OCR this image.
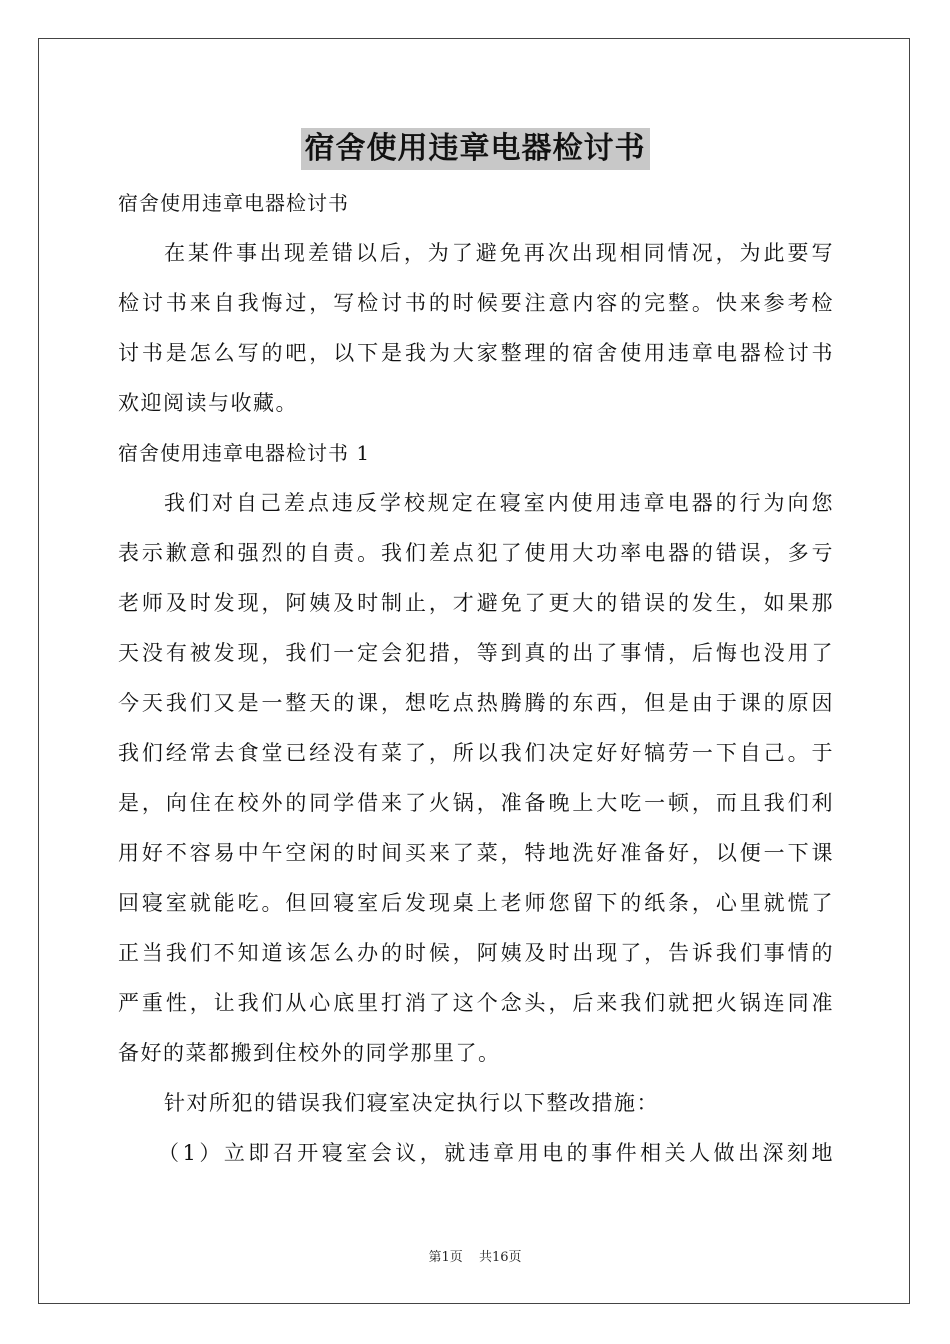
宿舍使用违章电器检讨书
宿舍使用违章电器检讨书
在某件事出现差错以后，为了避免再次出现相同情况，为此要写
检讨书来自我悔过，写检讨书的时候要注意内容的完整。快来参考检
讨书是怎么写的吧，以下是我为大家整理的宿舍使用违章电器检讨书
欢迎阅读与收藏。
宿舍使用违章电器检讨书 1
我们对自己差点违反学校规定在寝室内使用违章电器的行为向您
表示歉意和强烈的自责。我们差点犯了使用大功率电器的错误，多亏
老师及时发现，阿姨及时制止，才避免了更大的错误的发生，如果那
天没有被发现，我们一定会犯措，等到真的出了事情，后悔也没用了
今天我们又是一整天的课，想吃点热腾腾的东西，但是由于课的原因
我们经常去食堂已经没有菜了，所以我们决定好好犒劳一下自己。于
是，向住在校外的同学借来了火锅，准备晚上大吃一顿，而且我们利
用好不容易中午空闲的时间买来了菜，特地洗好准备好，以便一下课
回寝室就能吃。但回寝室后发现桌上老师您留下的纸条，心里就慌了
正当我们不知道该怎么办的时候，阿姨及时出现了，告诉我们事情的
严重性，让我们从心底里打消了这个念头，后来我们就把火锅连同准
备好的菜都搬到住校外的同学那里了。
针对所犯的错误我们寝室决定执行以下整改措施：
（1）立即召开寝室会议，就违章用电的事件相关人做出深刻地
第1页 共16页
